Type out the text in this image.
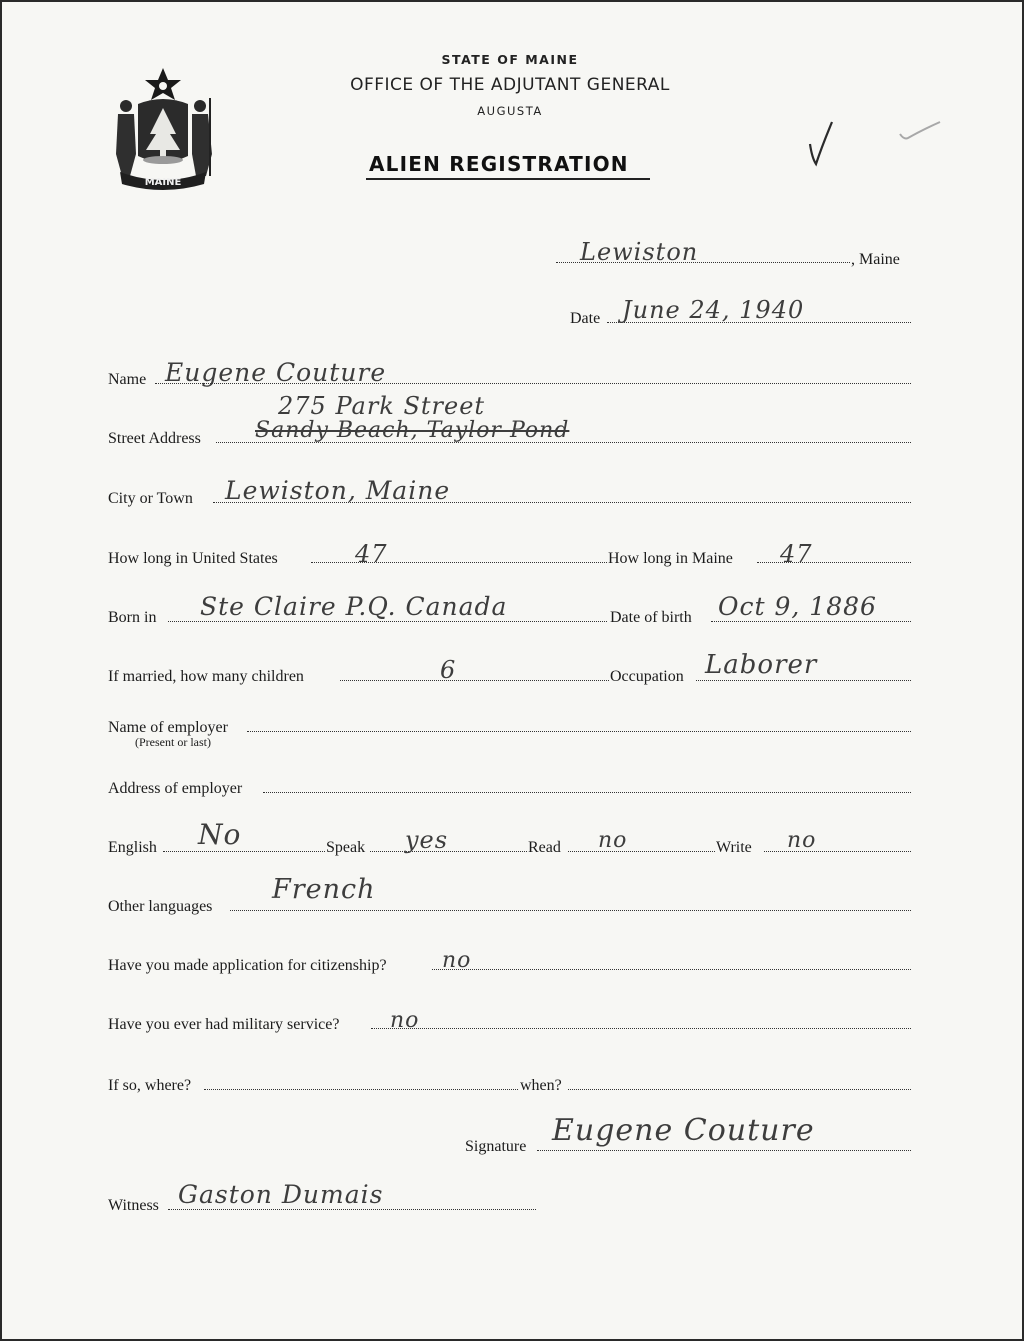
MAINE
STATE OF MAINE
OFFICE OF THE ADJUTANT GENERAL
AUGUSTA
ALIEN REGISTRATION
Lewiston	, Maine
Date June 24, 1940
Name Eugene Couture
Street Address
275 Park Street
Sandy Beach, Taylor Pond
City or Town Lewiston, Maine
How long in United States	47	How long in Maine 47
Born in Ste Claire P.Q. Canada	Date of birth Oct 9, 1886
If married, how many children	6	Occupation Laborer
Name of employer
(Present or last)
Address of employer
English No	Speak yes	Read no	Write no
Other languages
French
Have you made application for citizenship?	no
Have you ever had military service? no
If so, where?	when?
Signature Eugene Couture
Witness Gaston Dumais
